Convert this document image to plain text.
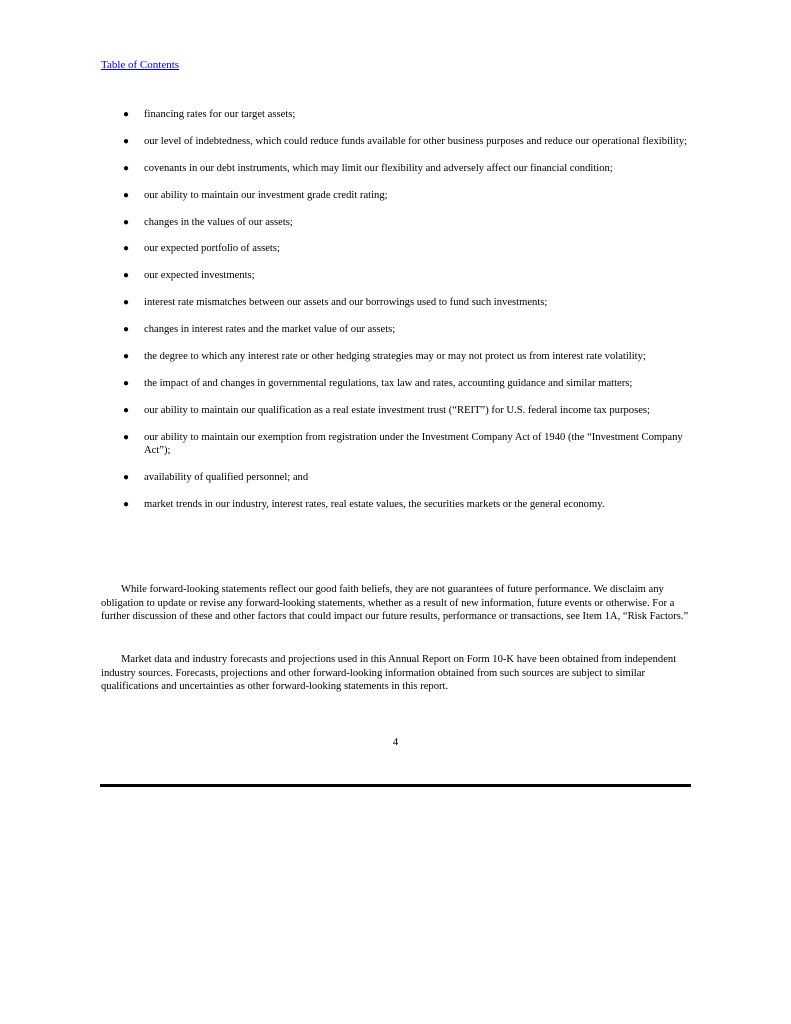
Table of Contents
● financing rates for our target assets;
● our level of indebtedness, which could reduce funds available for other business purposes and reduce our operational flexibility;
● covenants in our debt instruments, which may limit our flexibility and adversely affect our financial condition;
● our ability to maintain our investment grade credit rating;
● changes in the values of our assets;
● our expected portfolio of assets;
● our expected investments;
● interest rate mismatches between our assets and our borrowings used to fund such investments;
● changes in interest rates and the market value of our assets;
● the degree to which any interest rate or other hedging strategies may or may not protect us from interest rate volatility;
● the impact of and changes in governmental regulations, tax law and rates, accounting guidance and similar matters;
● our ability to maintain our qualification as a real estate investment trust (“REIT”) for U.S. federal income tax purposes;
● our ability to maintain our exemption from registration under the Investment Company Act of 1940 (the “Investment Company Act”);
● availability of qualified personnel; and
● market trends in our industry, interest rates, real estate values, the securities markets or the general economy.

While forward-looking statements reflect our good faith beliefs, they are not guarantees of future performance. We disclaim any obligation to update or revise any forward-looking statements, whether as a result of new information, future events or otherwise. For a further discussion of these and other factors that could impact our future results, performance or transactions, see Item 1A, “Risk Factors.”

Market data and industry forecasts and projections used in this Annual Report on Form 10-K have been obtained from independent industry sources. Forecasts, projections and other forward-looking information obtained from such sources are subject to similar qualifications and uncertainties as other forward-looking statements in this report.

4
